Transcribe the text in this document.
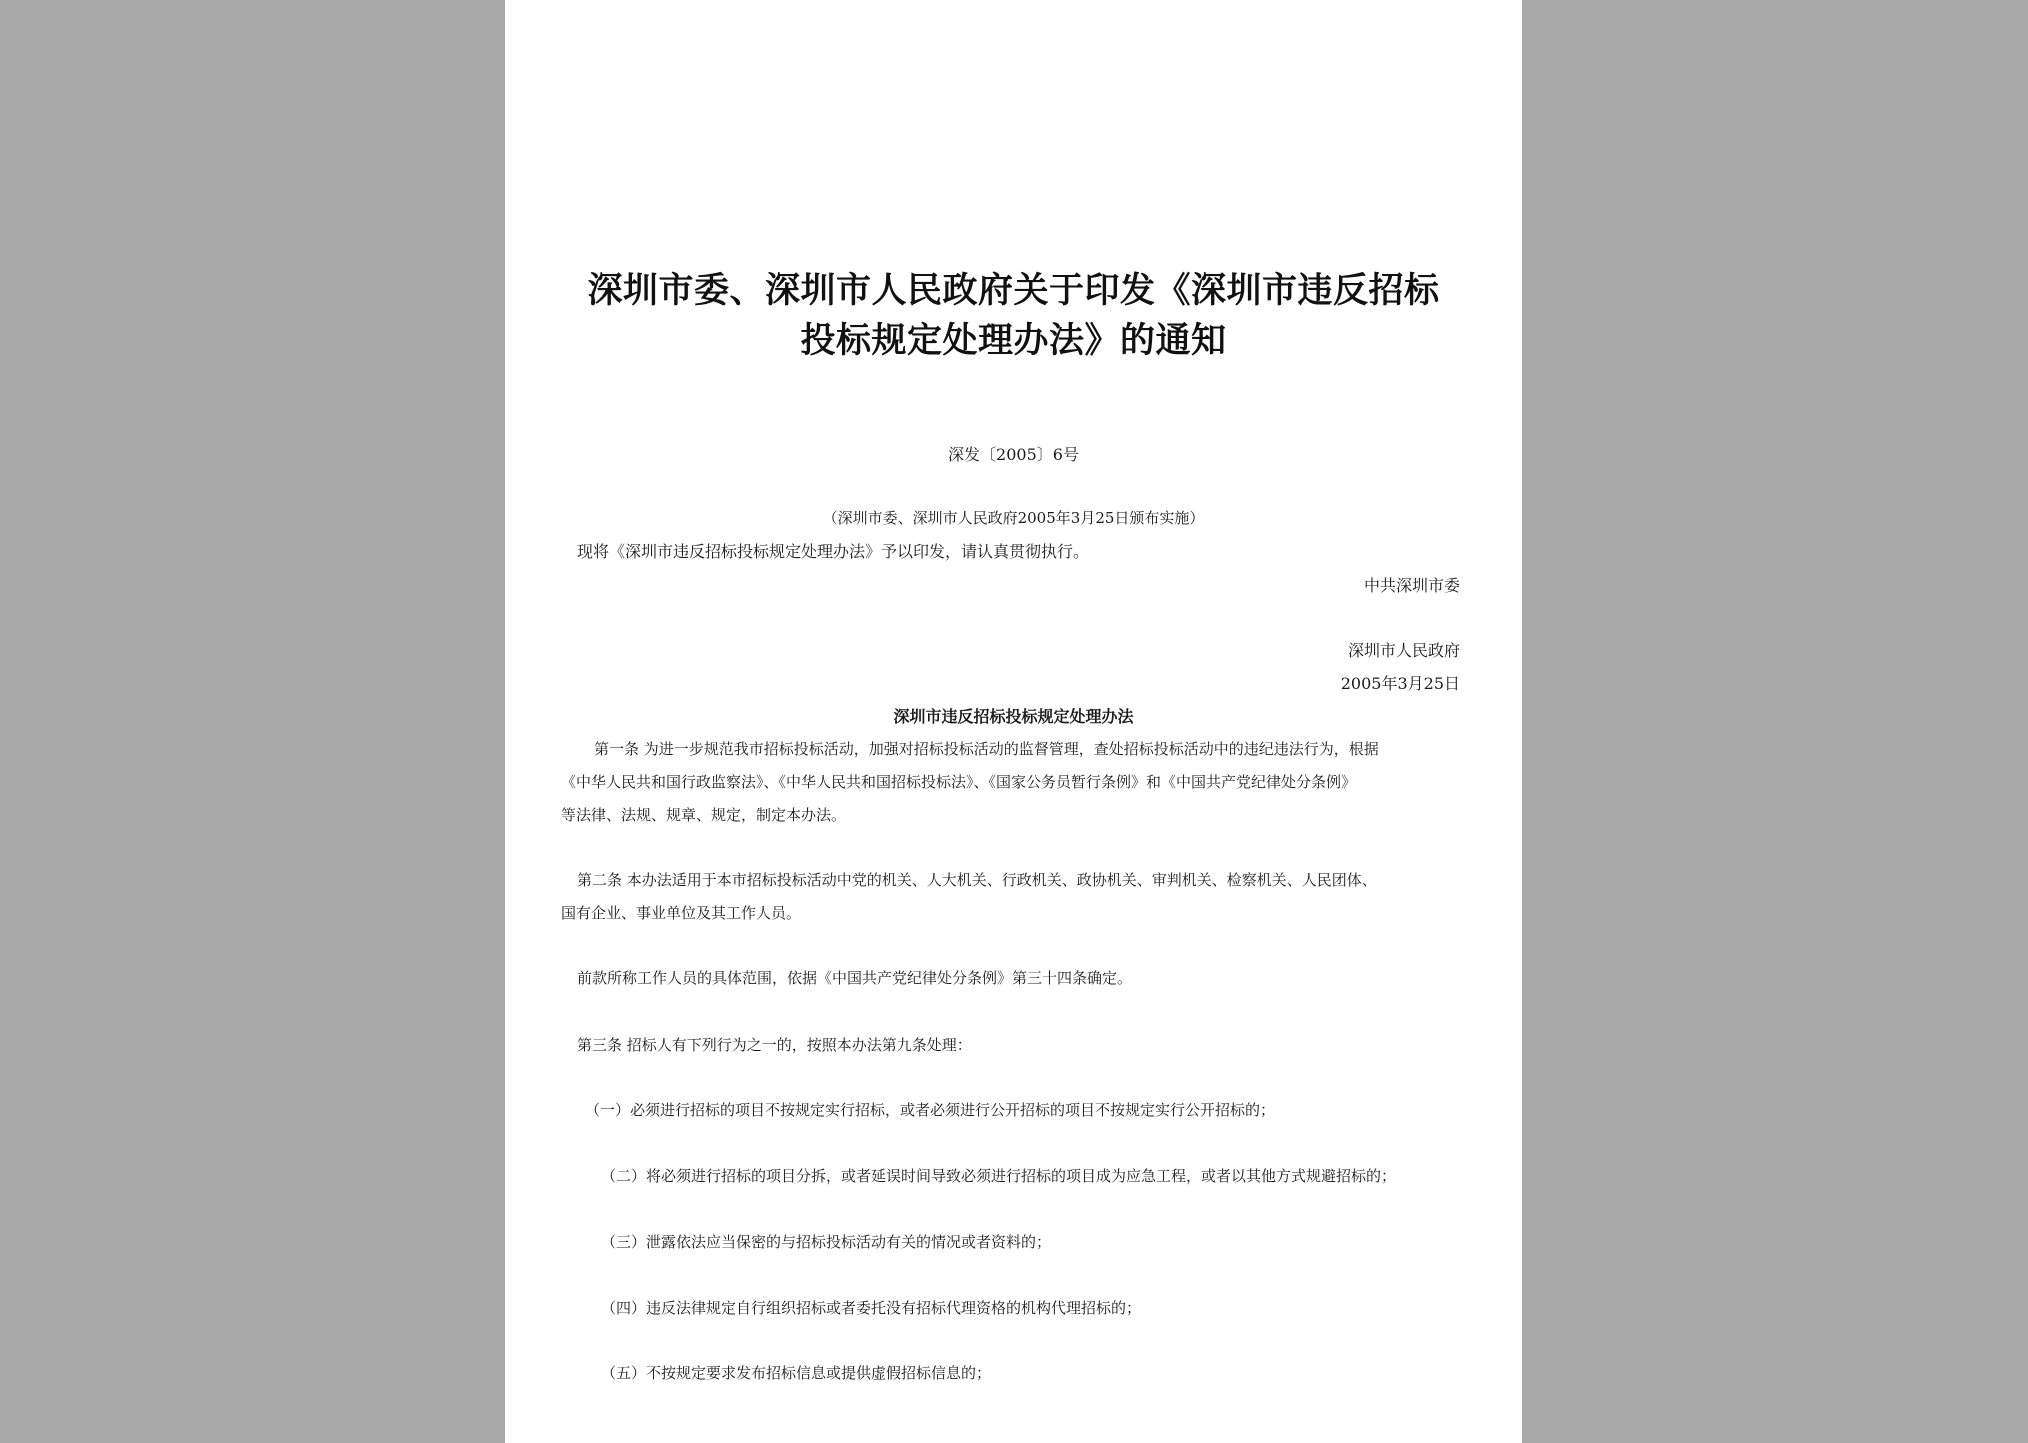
深圳市委、深圳市人民政府关于印发《深圳市违反招标
投标规定处理办法》的通知
深发〔2005〕6号
（深圳市委、深圳市人民政府2005年3月25日颁布实施）
现将《深圳市违反招标投标规定处理办法》予以印发，请认真贯彻执行。
中共深圳市委
深圳市人民政府
2005年3月25日
深圳市违反招标投标规定处理办法
第一条 为进一步规范我市招标投标活动，加强对招标投标活动的监督管理，查处招标投标活动中的违纪违法行为，根据
《中华人民共和国行政监察法》、《中华人民共和国招标投标法》、《国家公务员暂行条例》和《中国共产党纪律处分条例》
等法律、法规、规章、规定，制定本办法。
第二条 本办法适用于本市招标投标活动中党的机关、人大机关、行政机关、政协机关、审判机关、检察机关、人民团体、
国有企业、事业单位及其工作人员。
前款所称工作人员的具体范围，依据《中国共产党纪律处分条例》第三十四条确定。
第三条 招标人有下列行为之一的，按照本办法第九条处理：
（一）必须进行招标的项目不按规定实行招标，或者必须进行公开招标的项目不按规定实行公开招标的；
（二）将必须进行招标的项目分拆，或者延误时间导致必须进行招标的项目成为应急工程，或者以其他方式规避招标的；
（三）泄露依法应当保密的与招标投标活动有关的情况或者资料的；
（四）违反法律规定自行组织招标或者委托没有招标代理资格的机构代理招标的；
（五）不按规定要求发布招标信息或提供虚假招标信息的；
